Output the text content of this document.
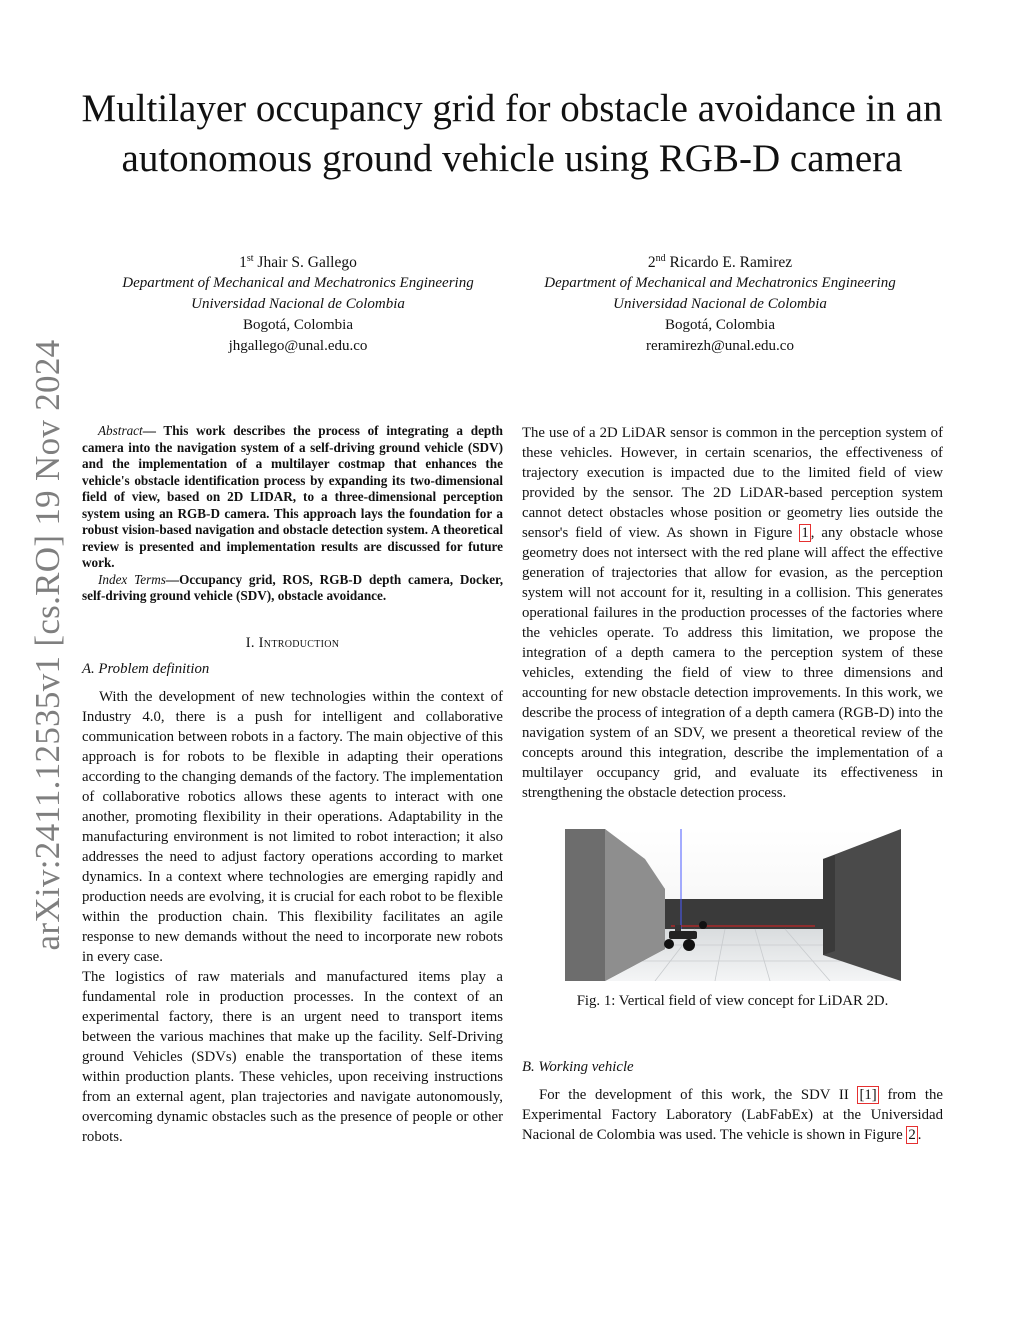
arXiv:2411.12535v1 [cs.RO] 19 Nov 2024
Multilayer occupancy grid for obstacle avoidance in an autonomous ground vehicle using RGB-D camera
1st Jhair S. Gallego
Department of Mechanical and Mechatronics Engineering
Universidad Nacional de Colombia
Bogotá, Colombia
jhgallego@unal.edu.co
2nd Ricardo E. Ramirez
Department of Mechanical and Mechatronics Engineering
Universidad Nacional de Colombia
Bogotá, Colombia
reramirezh@unal.edu.co

Abstract— This work describes the process of integrating a depth camera into the navigation system of a self-driving ground vehicle (SDV) and the implementation of a multilayer costmap that enhances the vehicle's obstacle identification process by expanding its two-dimensional field of view, based on 2D LIDAR, to a three-dimensional perception system using an RGB-D camera. This approach lays the foundation for a robust vision-based navigation and obstacle detection system. A theoretical review is presented and implementation results are discussed for future work.

Index Terms—Occupancy grid, ROS, RGB-D depth camera, Docker, self-driving ground vehicle (SDV), obstacle avoidance.

I. Introduction
A. Problem definition

With the development of new technologies within the context of Industry 4.0, there is a push for intelligent and collaborative communication between robots in a factory. The main objective of this approach is for robots to be flexible in adapting their operations according to the changing demands of the factory. The implementation of collaborative robotics allows these agents to interact with one another, promoting flexibility in their operations. Adaptability in the manufacturing environment is not limited to robot interaction; it also addresses the need to adjust factory operations according to market dynamics. In a context where technologies are emerging rapidly and production needs are evolving, it is crucial for each robot to be flexible within the production chain. This flexibility facilitates an agile response to new demands without the need to incorporate new robots in every case.

The logistics of raw materials and manufactured items play a fundamental role in production processes. In the context of an experimental factory, there is an urgent need to transport items between the various machines that make up the facility. Self-Driving ground Vehicles (SDVs) enable the transportation of these items within production plants. These vehicles, upon receiving instructions from an external agent, plan trajectories and navigate autonomously, overcoming dynamic obstacles such as the presence of people or other robots.

The use of a 2D LiDAR sensor is common in the perception system of these vehicles. However, in certain scenarios, the effectiveness of trajectory execution is impacted due to the limited field of view provided by the sensor. The 2D LiDAR-based perception system cannot detect obstacles whose position or geometry lies outside the sensor's field of view. As shown in Figure 1 , any obstacle whose geometry does not intersect with the red plane will affect the effective generation of trajectories that allow for evasion, as the perception system will not account for it, resulting in a collision. This generates operational failures in the production processes of the factories where the vehicles operate. To address this limitation, we propose the integration of a depth camera to the perception system of these vehicles, extending the field of view to three dimensions and accounting for new obstacle detection improvements. In this work, we describe the process of integration of a depth camera (RGB-D) into the navigation system of an SDV, we present a theoretical review of the concepts around this integration, describe the implementation of a multilayer occupancy grid, and evaluate its effectiveness in strengthening the obstacle detection process.

Fig. 1: Vertical field of view concept for LiDAR 2D.
B. Working vehicle

For the development of this work, the SDV II [1] from the Experimental Factory Laboratory (LabFabEx) at the Universidad Nacional de Colombia was used. The vehicle is shown in Figure 2 .
